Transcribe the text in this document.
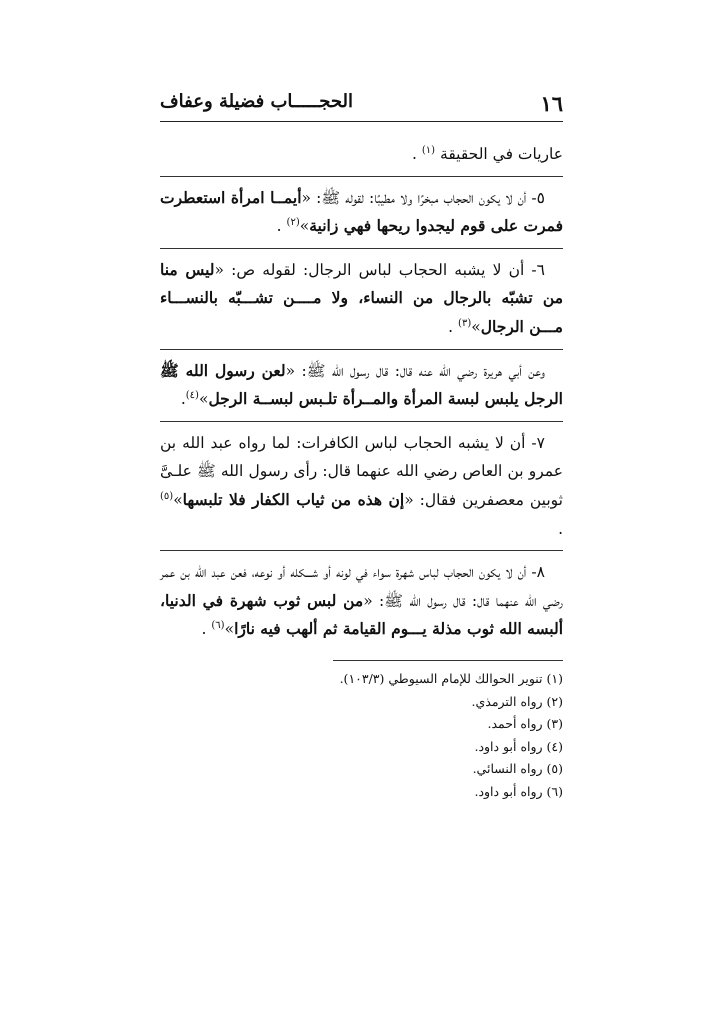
١٦
الحجـــــاب فضيلة وعفاف

عاريات في الحقيقة $^{(١)}$ .

٥- أن لا يكون الحجاب مبخرًا ولا مطيبًا: لقوله ﷺ: «أيمــا امرأة استعطرت فمرت على قوم ليجدوا ريحها فهي زانية»$^{(٢)}$ .

٦- أن لا يشبه الحجاب لباس الرجال: لقوله ص: «ليس منا من تشبّه بالرجال من النساء، ولا مــــن تشـــبّه بالنســـاء مـــن الرجال»$^{(٣)}$ .

وعن أبي هريرة رضي الله عنه قال: قال رسول الله ﷺ: «لعن رسول الله ﷺ الرجل يلبس لبسة المرأة والمــرأة تلـبس لبســة الرجل»$^{(٤)}$.

٧- أن لا يشبه الحجاب لباس الكافرات: لما رواه عبد الله بن عمرو بن العاص رضي الله عنهما قال: رأى رسول الله ﷺ علـىَّ ثوبين معصفرين فقال: «إن هذه من ثياب الكفار فلا تلبسها»$^{(٥)}$ .

٨- أن لا يكون الحجاب لباس شهرة سواء في لونه أو شـــكله أو نوعه، فعن عبد الله بن عمر رضي الله عنهما قال: قال رسول الله ﷺ: «من لبس ثوب شهرة في الدنيا، ألبسه الله ثوب مذلة يـــوم القيامة ثم ألهب فيه نارًا»$^{(٦)}$ .

(١) تنوير الحوالك للإمام السيوطي (١٠٣/٣).

(٢) رواه الترمذي.

(٣) رواه أحمد.

(٤) رواه أبو داود.

(٥) رواه النسائي.

(٦) رواه أبو داود.
